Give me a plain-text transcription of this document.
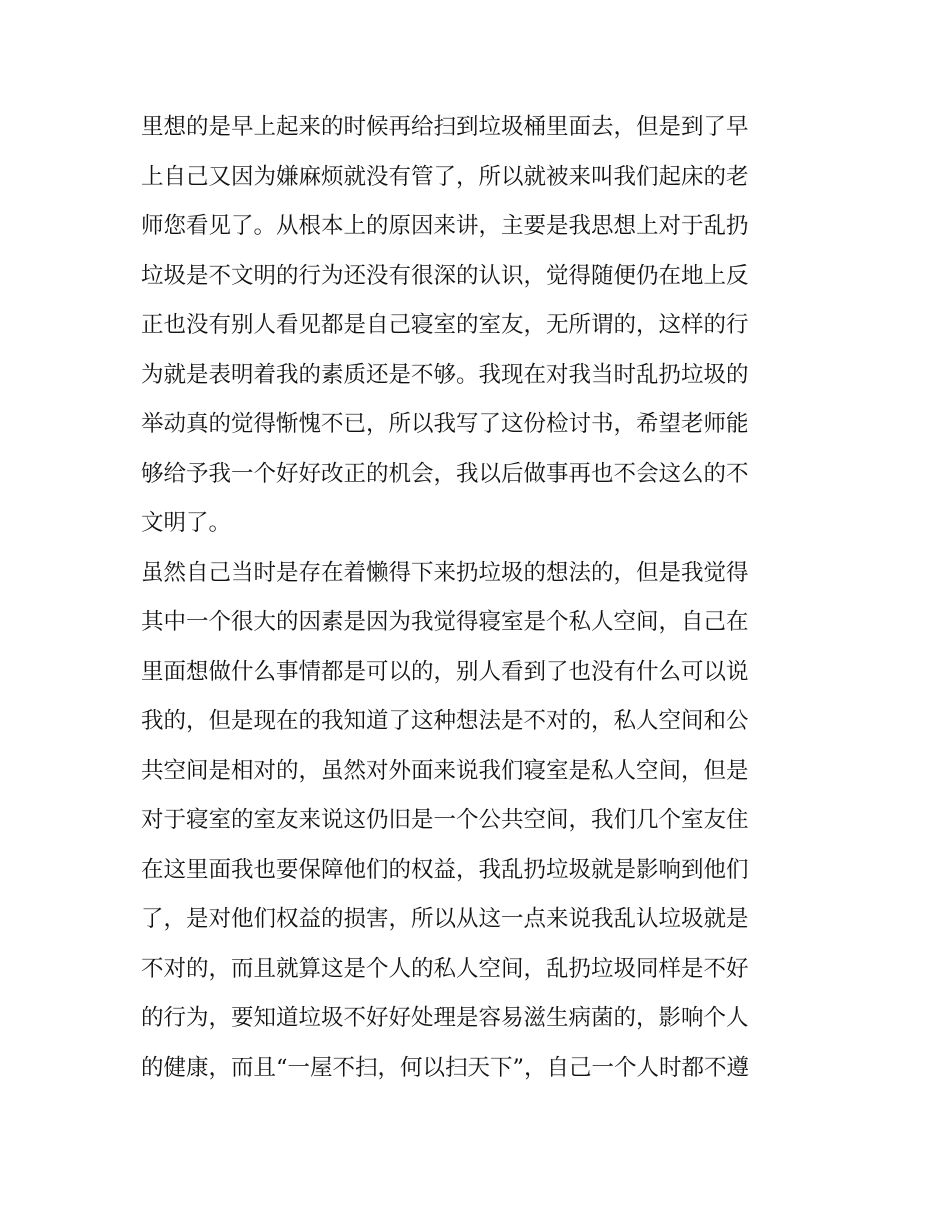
里想的是早上起来的时候再给扫到垃圾桶里面去，但是到了早
上自己又因为嫌麻烦就没有管了，所以就被来叫我们起床的老
师您看见了。从根本上的原因来讲，主要是我思想上对于乱扔
垃圾是不文明的行为还没有很深的认识，觉得随便仍在地上反
正也没有别人看见都是自己寝室的室友，无所谓的，这样的行
为就是表明着我的素质还是不够。我现在对我当时乱扔垃圾的
举动真的觉得惭愧不已，所以我写了这份检讨书，希望老师能
够给予我一个好好改正的机会，我以后做事再也不会这么的不
文明了。
虽然自己当时是存在着懒得下来扔垃圾的想法的，但是我觉得
其中一个很大的因素是因为我觉得寝室是个私人空间，自己在
里面想做什么事情都是可以的，别人看到了也没有什么可以说
我的，但是现在的我知道了这种想法是不对的，私人空间和公
共空间是相对的，虽然对外面来说我们寝室是私人空间，但是
对于寝室的室友来说这仍旧是一个公共空间，我们几个室友住
在这里面我也要保障他们的权益，我乱扔垃圾就是影响到他们
了，是对他们权益的损害，所以从这一点来说我乱认垃圾就是
不对的，而且就算这是个人的私人空间，乱扔垃圾同样是不好
的行为，要知道垃圾不好好处理是容易滋生病菌的，影响个人
的健康，而且“一屋不扫，何以扫天下”，自己一个人时都不遵
